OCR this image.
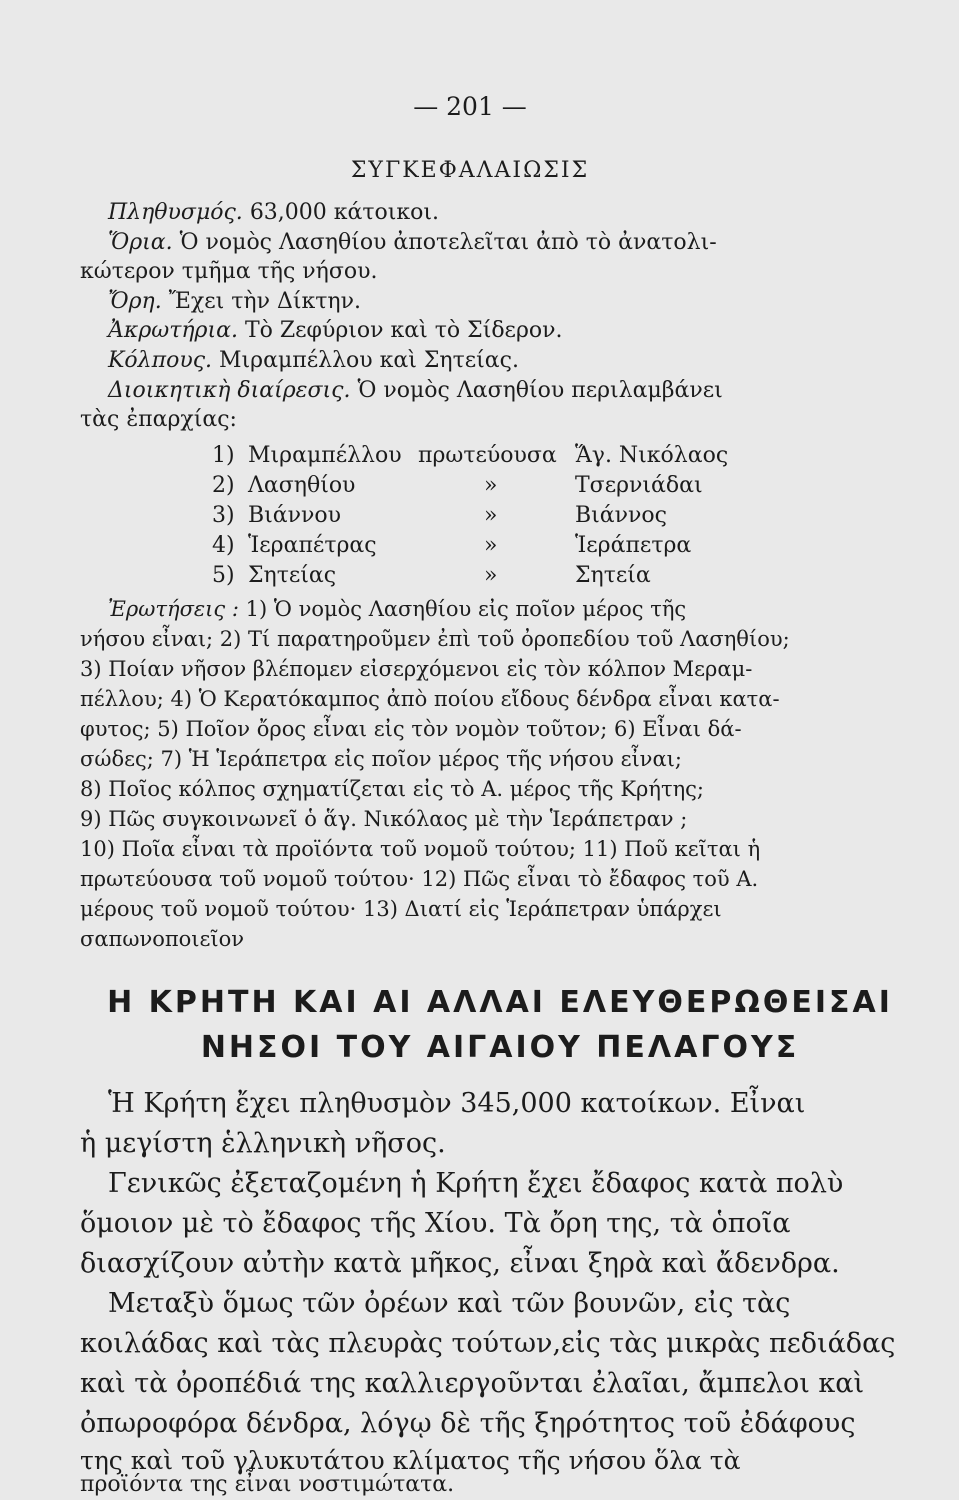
— 201 —
ΣΥΓΚΕΦΑΛΑΙΩΣΙΣ
Πληθυσμός. 63,000 κάτοικοι.
Ὅρια. Ὁ νομὸς Λασηθίου ἀποτελεῖται ἀπὸ τὸ ἀνατολι-
κώτερον τμῆμα τῆς νήσου.
Ὄρη. Ἔχει τὴν Δίκτην.
Ἀκρωτήρια. Τὸ Ζεφύριον καὶ τὸ Σίδερον.
Κόλπους. Μιραμπέλλου καὶ Σητείας.
Διοικητικὴ διαίρεσις. Ὁ νομὸς Λασηθίου περιλαμβάνει
τὰς ἐπαρχίας:
1) Μιραμπέλλου πρωτεύουσα Ἅγ. Νικόλαος
2) Λασηθίου	»	Τσερνιάδαι
3) Βιάννου	»	Βιάννος
4) Ἱεραπέτρας	»	Ἱεράπετρα
5) Σητείας	»	Σητεία
Ἐρωτήσεις : 1) Ὁ νομὸς Λασηθίου εἰς ποῖον μέρος τῆς
νήσου εἶναι; 2) Τί παρατηροῦμεν ἐπὶ τοῦ ὀροπεδίου τοῦ Λασηθίου;
3) Ποίαν νῆσον βλέπομεν εἰσερχόμενοι εἰς τὸν κόλπον Μεραμ-
πέλλου; 4) Ὁ Κερατόκαμπος ἀπὸ ποίου εἴδους δένδρα εἶναι κατα-
φυτος; 5) Ποῖον ὄρος εἶναι εἰς τὸν νομὸν τοῦτον; 6) Εἶναι δά-
σώδες; 7) Ἡ Ἱεράπετρα εἰς ποῖον μέρος τῆς νήσου εἶναι;
8) Ποῖος κόλπος σχηματίζεται εἰς τὸ Α. μέρος τῆς Κρήτης;
9) Πῶς συγκοινωνεῖ ὁ ἅγ. Νικόλαος μὲ τὴν Ἱεράπετραν ;
10) Ποῖα εἶναι τὰ προϊόντα τοῦ νομοῦ τούτου; 11) Ποῦ κεῖται ἡ
πρωτεύουσα τοῦ νομοῦ τούτου· 12) Πῶς εἶναι τὸ ἔδαφος τοῦ Α.
μέρους τοῦ νομοῦ τούτου· 13) Διατί εἰς Ἱεράπετραν ὑπάρχει
σαπωνοποιεῖον
Η ΚΡΗΤΗ ΚΑΙ ΑΙ ΑΛΛΑΙ ΕΛΕΥΘΕΡΩΘΕΙΣΑΙ
ΝΗΣΟΙ ΤΟΥ ΑΙΓΑΙΟΥ ΠΕΛΑΓΟΥΣ
Ἡ Κρήτη ἔχει πληθυσμὸν 345,000 κατοίκων. Εἶναι
ἡ μεγίστη ἑλληνικὴ νῆσος.
Γενικῶς ἐξεταζομένη ἡ Κρήτη ἔχει ἔδαφος κατὰ πολὺ
ὅμοιον μὲ τὸ ἔδαφος τῆς Χίου. Τὰ ὄρη της, τὰ ὁποῖα
διασχίζουν αὐτὴν κατὰ μῆκος, εἶναι ξηρὰ καὶ ἄδενδρα.
Μεταξὺ ὅμως τῶν ὀρέων καὶ τῶν βουνῶν, εἰς τὰς
κοιλάδας καὶ τὰς πλευρὰς τούτων,εἰς τὰς μικρὰς πεδιάδας
καὶ τὰ ὀροπέδιά της καλλιεργοῦνται ἐλαῖαι, ἄμπελοι καὶ
ὀπωροφόρα δένδρα, λόγῳ δὲ τῆς ξηρότητος τοῦ ἐδάφους
της καὶ τοῦ γλυκυτάτου κλίματος τῆς νήσου ὅλα τὰ
προϊόντα της εἶναι νοστιμώτατα.
